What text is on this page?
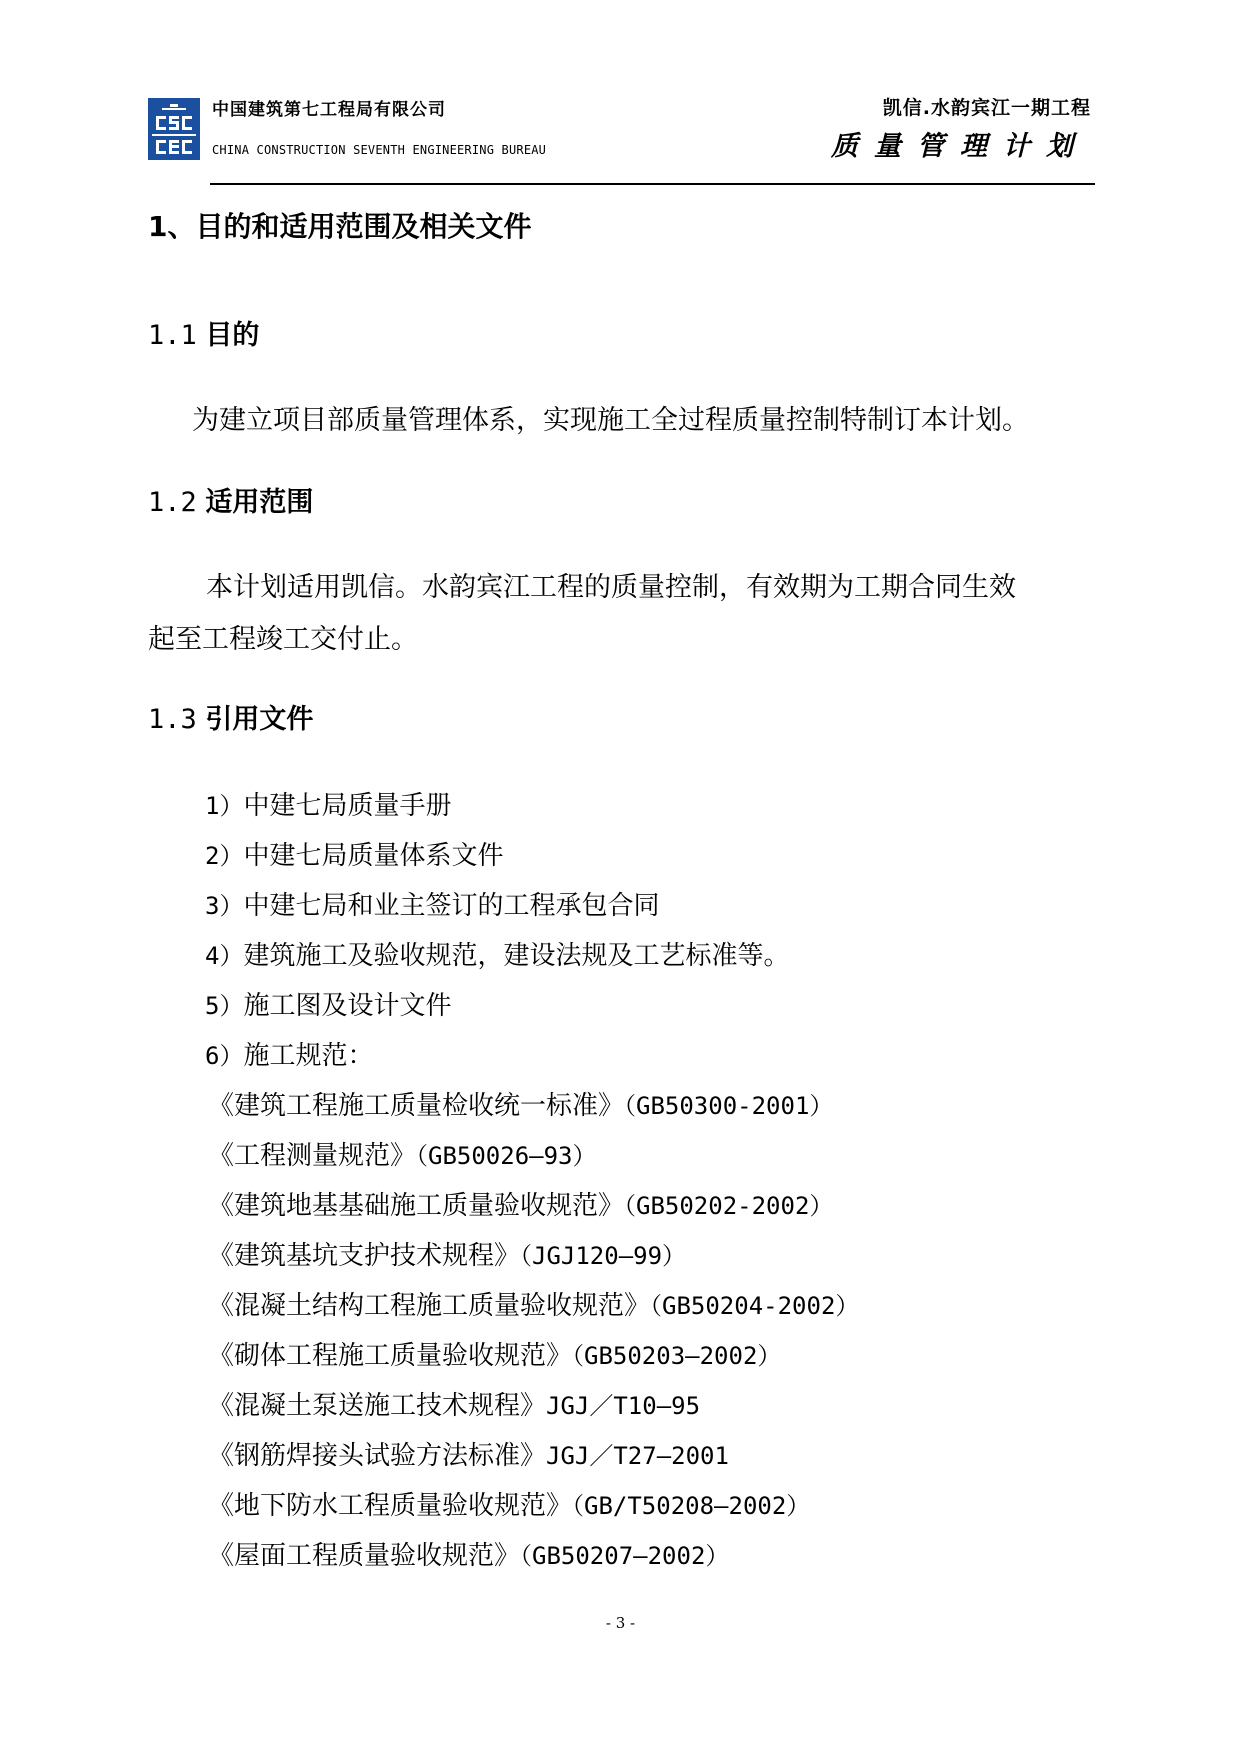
中国建筑第七工程局有限公司
CHINA CONSTRUCTION SEVENTH ENGINEERING BUREAU
凯信.水韵宾江一期工程
质量管理计划
1、目的和适用范围及相关文件
1.1 目的
为建立项目部质量管理体系，实现施工全过程质量控制特制订本计划。
1.2 适用范围
本计划适用凯信。水韵宾江工程的质量控制，有效期为工期合同生效
起至工程竣工交付止。
1.3 引用文件
1）中建七局质量手册
2）中建七局质量体系文件
3）中建七局和业主签订的工程承包合同
4）建筑施工及验收规范，建设法规及工艺标准等。
5）施工图及设计文件
6）施工规范：
《建筑工程施工质量检收统一标准》（GB50300-2001）
《工程测量规范》（GB50026—93）
《建筑地基基础施工质量验收规范》（GB50202-2002）
《建筑基坑支护技术规程》（JGJ120—99）
《混凝土结构工程施工质量验收规范》（GB50204-2002）
《砌体工程施工质量验收规范》（GB50203—2002）
《混凝土泵送施工技术规程》JGJ／T10—95
《钢筋焊接头试验方法标准》JGJ／T27—2001
《地下防水工程质量验收规范》（GB/T50208—2002）
《屋面工程质量验收规范》（GB50207—2002）
- 3 -
